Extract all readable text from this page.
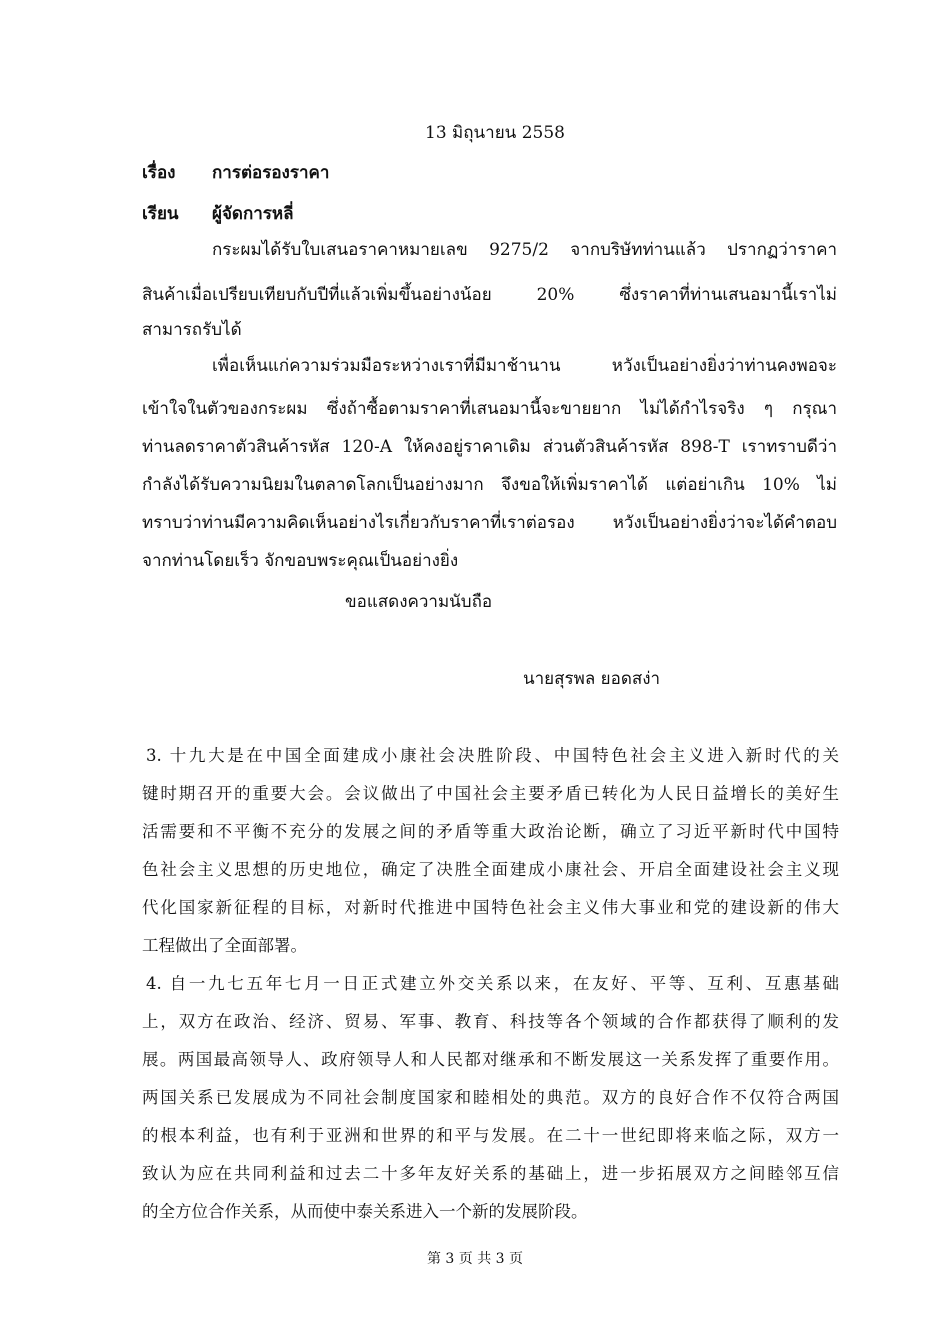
13 มิถุนายน 2558
เรื่อง การต่อรองราคา
เรียน ผู้จัดการหลี่
กระผมได้รับใบเสนอราคาหมายเลข 9275/2 จากบริษัทท่านแล้ว ปรากฏว่าราคา
สินค้าเมื่อเปรียบเทียบกับปีที่แล้วเพิ่มขึ้นอย่างน้อย 20% ซึ่งราคาที่ท่านเสนอมานี้เราไม่
สามารถรับได้
เพื่อเห็นแก่ความร่วมมือระหว่างเราที่มีมาช้านาน หวังเป็นอย่างยิ่งว่าท่านคงพอจะ
เข้าใจในตัวของกระผม ซึ่งถ้าซื้อตามราคาที่เสนอมานี้จะขายยาก ไม่ได้กำไรจริง ๆ กรุณา
ท่านลดราคาตัวสินค้ารหัส 120-A ให้คงอยู่ราคาเดิม ส่วนตัวสินค้ารหัส 898-T เราทราบดีว่า
กำลังได้รับความนิยมในตลาดโลกเป็นอย่างมาก จึงขอให้เพิ่มราคาได้ แต่อย่าเกิน 10% ไม่
ทราบว่าท่านมีความคิดเห็นอย่างไรเกี่ยวกับราคาที่เราต่อรอง หวังเป็นอย่างยิ่งว่าจะได้คำตอบ
จากท่านโดยเร็ว จักขอบพระคุณเป็นอย่างยิ่ง
ขอแสดงความนับถือ
นายสุรพล ยอดสง่า
3. 十九大是在中国全面建成小康社会决胜阶段、中国特色社会主义进入新时代的关
键时期召开的重要大会。会议做出了中国社会主要矛盾已转化为人民日益增长的美好生
活需要和不平衡不充分的发展之间的矛盾等重大政治论断，确立了习近平新时代中国特
色社会主义思想的历史地位，确定了决胜全面建成小康社会、开启全面建设社会主义现
代化国家新征程的目标，对新时代推进中国特色社会主义伟大事业和党的建设新的伟大
工程做出了全面部署。
4. 自一九七五年七月一日正式建立外交关系以来，在友好、平等、互利、互惠基础
上，双方在政治、经济、贸易、军事、教育、科技等各个领域的合作都获得了顺利的发
展。两国最高领导人、政府领导人和人民都对继承和不断发展这一关系发挥了重要作用。
两国关系已发展成为不同社会制度国家和睦相处的典范。双方的良好合作不仅符合两国
的根本利益，也有利于亚洲和世界的和平与发展。在二十一世纪即将来临之际，双方一
致认为应在共同利益和过去二十多年友好关系的基础上，进一步拓展双方之间睦邻互信
的全方位合作关系，从而使中泰关系进入一个新的发展阶段。
第 3 页 共 3 页
